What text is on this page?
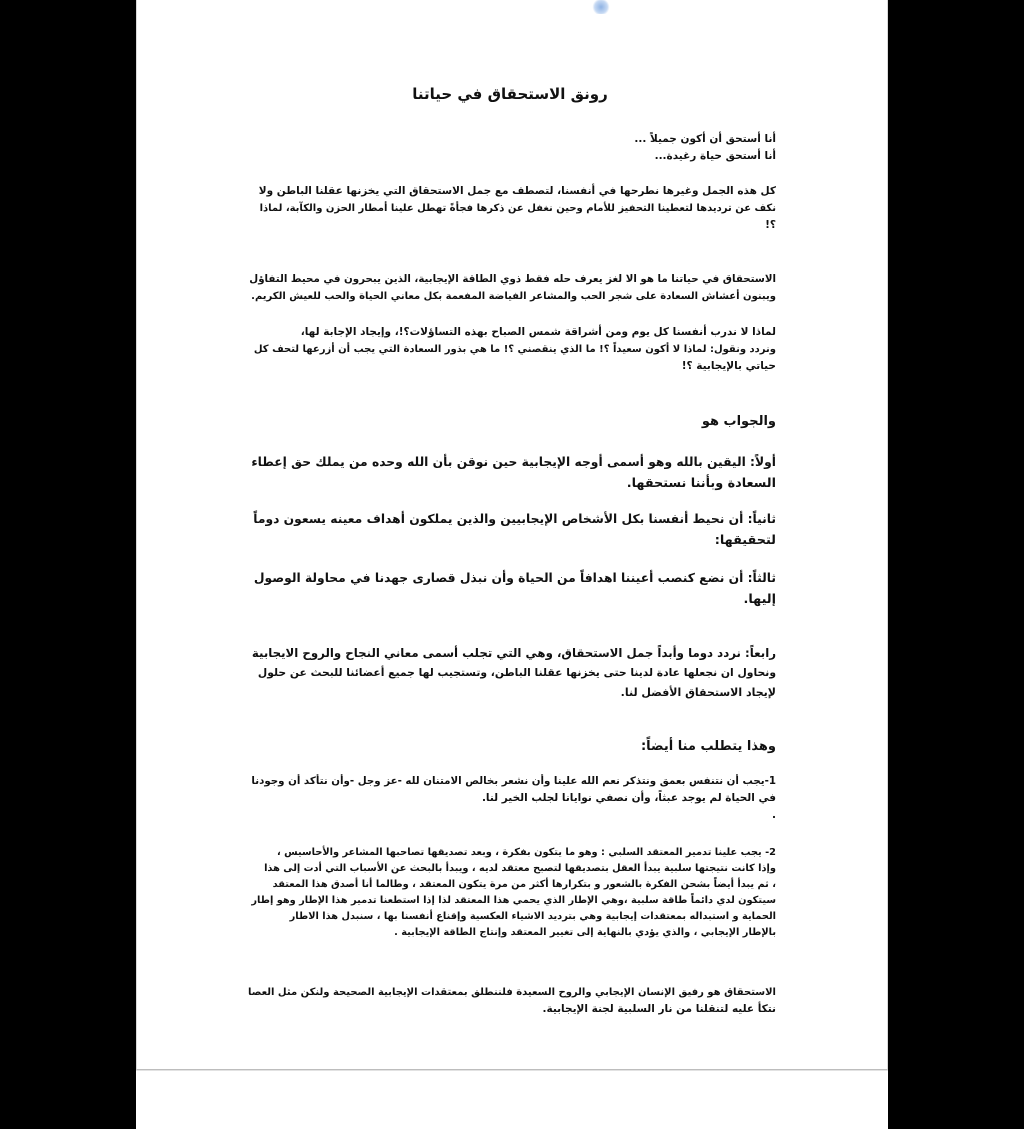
رونق الاستحقاق في حياتنا

أنا أستحق أن أكون جميلاً ...
أنا أستحق حياة رغيدة...

كل هذه الجمل وغيرها نطرحها في أنفسنا، لتصطف مع جمل الاستحقاق التي يخزنها عقلنا الباطن ولا
نكف عن ترديدها لتعطينا التحفيز للأمام وحين نغفل عن ذكرها فجأةً تهطل علينا أمطار الحزن والكآبة، لماذا
؟!

الاستحقاق في حياتنا ما هو الا لغز يعرف حله فقط ذوي الطاقة الإيجابية، الذين يبحرون في محيط التفاؤل
ويبنون أعشاش السعادة على شجر الحب والمشاعر الفياضة المفعمة بكل معاني الحياة والحب للعيش الكريم.

لماذا لا ندرب أنفسنا كل يوم ومن أشراقة شمس الصباح بهذه التساؤلات؟!، وإيجاد الإجابة لها،
ونردد ونقول: لماذا لا أكون سعيداً ؟! ما الذي ينقصني ؟! ما هي بذور السعادة التي يجب أن أزرعها لتحف كل
حياتي بالإيجابية ؟!

والجواب هو

أولاً: اليقين بالله وهو أسمى أوجه الإيجابية حين نوقن بأن الله وحده من يملك حق إعطاء
السعادة وبأننا نستحقها.

ثانياً: أن نحيط أنفسنا بكل الأشخاص الإيجابيين والذين يملكون أهداف معينه يسعون دوماً
لتحقيقها:

ثالثاً: أن نضع كنصب أعيننا اهدافاً من الحياة وأن نبذل قصارى جهدنا في محاولة الوصول
إليها.

رابعاً: نردد دوما وأبداً جمل الاستحقاق، وهي التي تجلب أسمى معاني النجاح والروح الايجابية
ونحاول ان نجعلها عادة لدينا حتى يخزنها عقلنا الباطن، وتستجيب لها جميع أعضائنا للبحث عن حلول
لإيجاد الاستحقاق الأفضل لنا.

وهذا يتطلب منا أيضاً:

1-يجب أن نتنفس بعمق ونتذكر نعم الله علينا وأن نشعر بخالص الامتنان لله -عز وجل -وأن نتأكد أن وجودنا
في الحياة لم يوجد عبثاً، وأن نصفي نوايانا لجلب الخير لنا.
.

2- يجب علينا تدمير المعتقد السلبي : وهو ما يتكون بفكرة ، وبعد تصديقها تصاحبها المشاعر والأحاسيس ،
وإذا كانت نتيجتها سلبية يبدأ العقل بتصديقها لتصبح معتقد لديه ، ويبدأ بالبحث عن الأسباب التي أدت إلى هذا
، ثم يبدأ أيضاً بشحن الفكرة بالشعور و بتكرارها أكثر من مرة يتكون المعتقد ، وطالما أنا أصدق هذا المعتقد
سيتكون لدي دائماً طاقة سلبية ،وهي الإطار الذي يحمي هذا المعتقد لذا إذا استطعنا تدمير هذا الإطار وهو إطار
الحماية و استبداله بمعتقدات إيجابية وهي بترديد الاشياء العكسية وإقناع أنفسنا بها ، سنبدل هذا الاطار
بالإطار الإيجابي ، والذي يؤدي بالنهاية إلى تغيير المعتقد وإنتاج الطاقة الإيجابية .

الاستحقاق هو رفيق الإنسان الإيجابي والروح السعيدة فلننطلق بمعتقدات الإيجابية الصحيحة ولنكن مثل العصا
نتكأ عليه لتنقلنا من نار السلبية لجنة الإيجابية.
